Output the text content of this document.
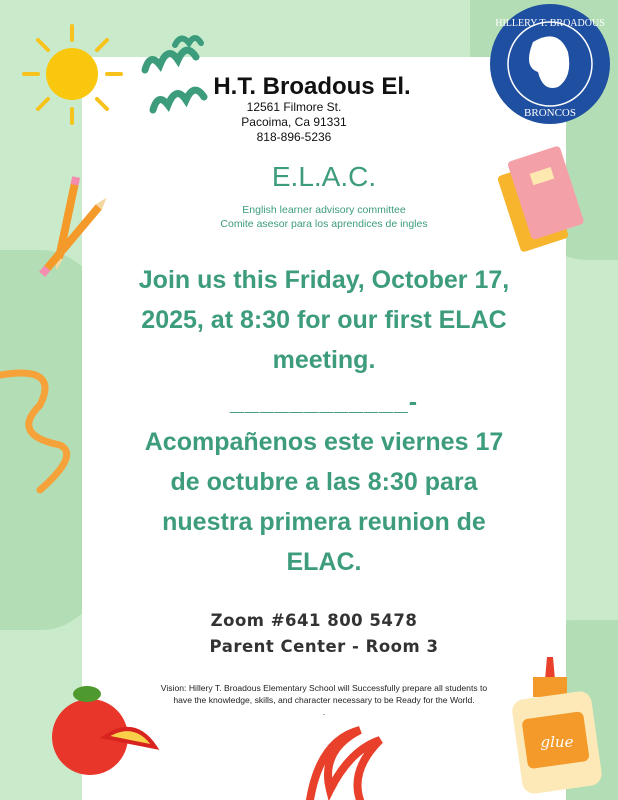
H.T. Broadous El.
12561 Filmore St.
Pacoima, Ca 91331
818-896-5236
E.L.A.C.
English learner advisory committee
Comite asesor para los aprendices de ingles
Join us this Friday, October 17,
2025, at 8:30 for our first ELAC
meeting.
____________-
Acompañenos este viernes 17
de octubre a las 8:30 para
nuestra primera reunion de
ELAC.
Zoom #641 800 5478
Parent Center - Room 3
Vision: Hillery T. Broadous Elementary School will Successfully prepare all students to
have the knowledge, skills, and character necessary to be Ready for the World.
.
HILLERY T. BROADOUS
BRONCOS
glue
